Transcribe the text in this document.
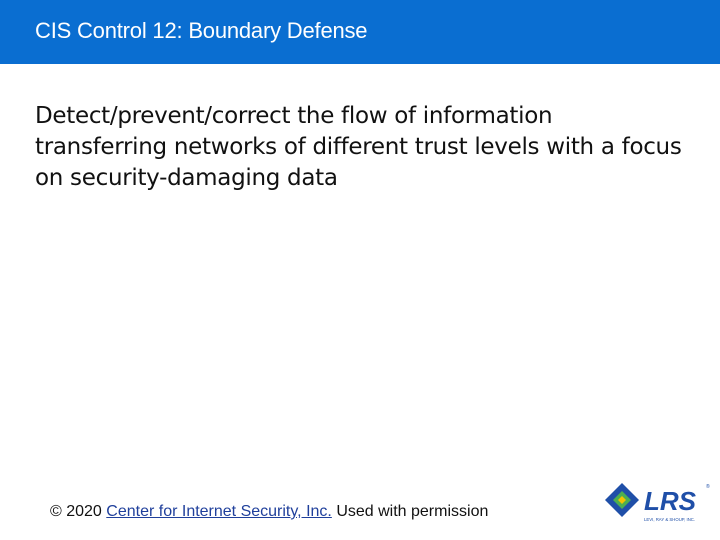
CIS Control 12: Boundary Defense

Detect/prevent/correct the flow of information transferring networks of different trust levels with a focus on security-damaging data

© 2020 Center for Internet Security, Inc. Used with permission	LRS ®
LEVI, RAY & SHOUP, INC.
